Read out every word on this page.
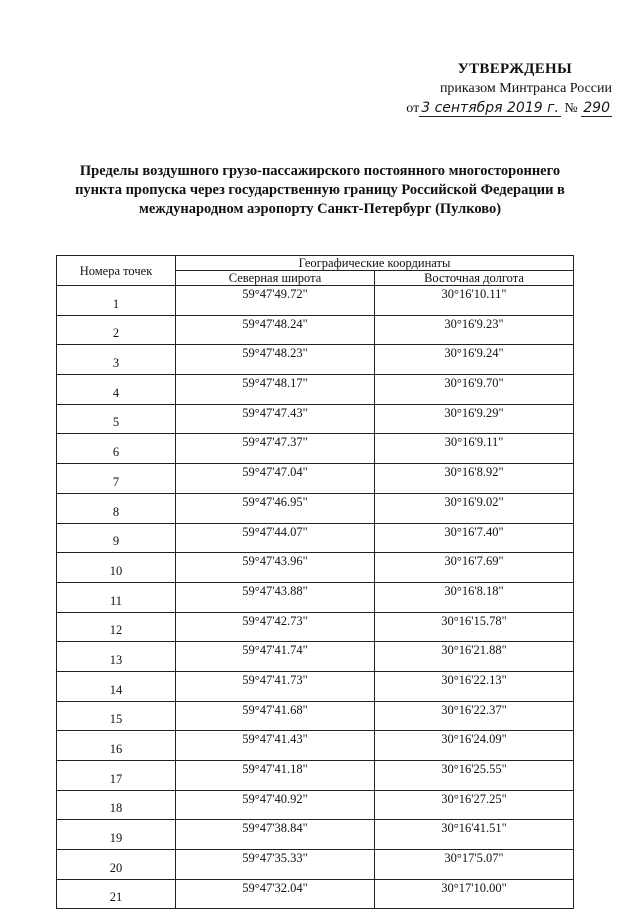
УТВЕРЖДЕНЫ
приказом Минтранса России
от 3 сентября 2019 г. № 290
Пределы воздушного грузо-пассажирского постоянного многостороннего пункта пропуска через государственную границу Российской Федерации в международном аэропорту Санкт-Петербург (Пулково)
Номера точек	Географические координаты	
	Северная широта	Восточная долгота
1	59°47'49.72"	30°16'10.11"
2	59°47'48.24"	30°16'9.23"
3	59°47'48.23"	30°16'9.24"
4	59°47'48.17"	30°16'9.70"
5	59°47'47.43"	30°16'9.29"
6	59°47'47.37"	30°16'9.11"
7	59°47'47.04"	30°16'8.92"
8	59°47'46.95"	30°16'9.02"
9	59°47'44.07"	30°16'7.40"
10	59°47'43.96"	30°16'7.69"
11	59°47'43.88"	30°16'8.18"
12	59°47'42.73"	30°16'15.78"
13	59°47'41.74"	30°16'21.88"
14	59°47'41.73"	30°16'22.13"
15	59°47'41.68"	30°16'22.37"
16	59°47'41.43"	30°16'24.09"
17	59°47'41.18"	30°16'25.55"
18	59°47'40.92"	30°16'27.25"
19	59°47'38.84"	30°16'41.51"
20	59°47'35.33"	30°17'5.07"
21	59°47'32.04"	30°17'10.00"
